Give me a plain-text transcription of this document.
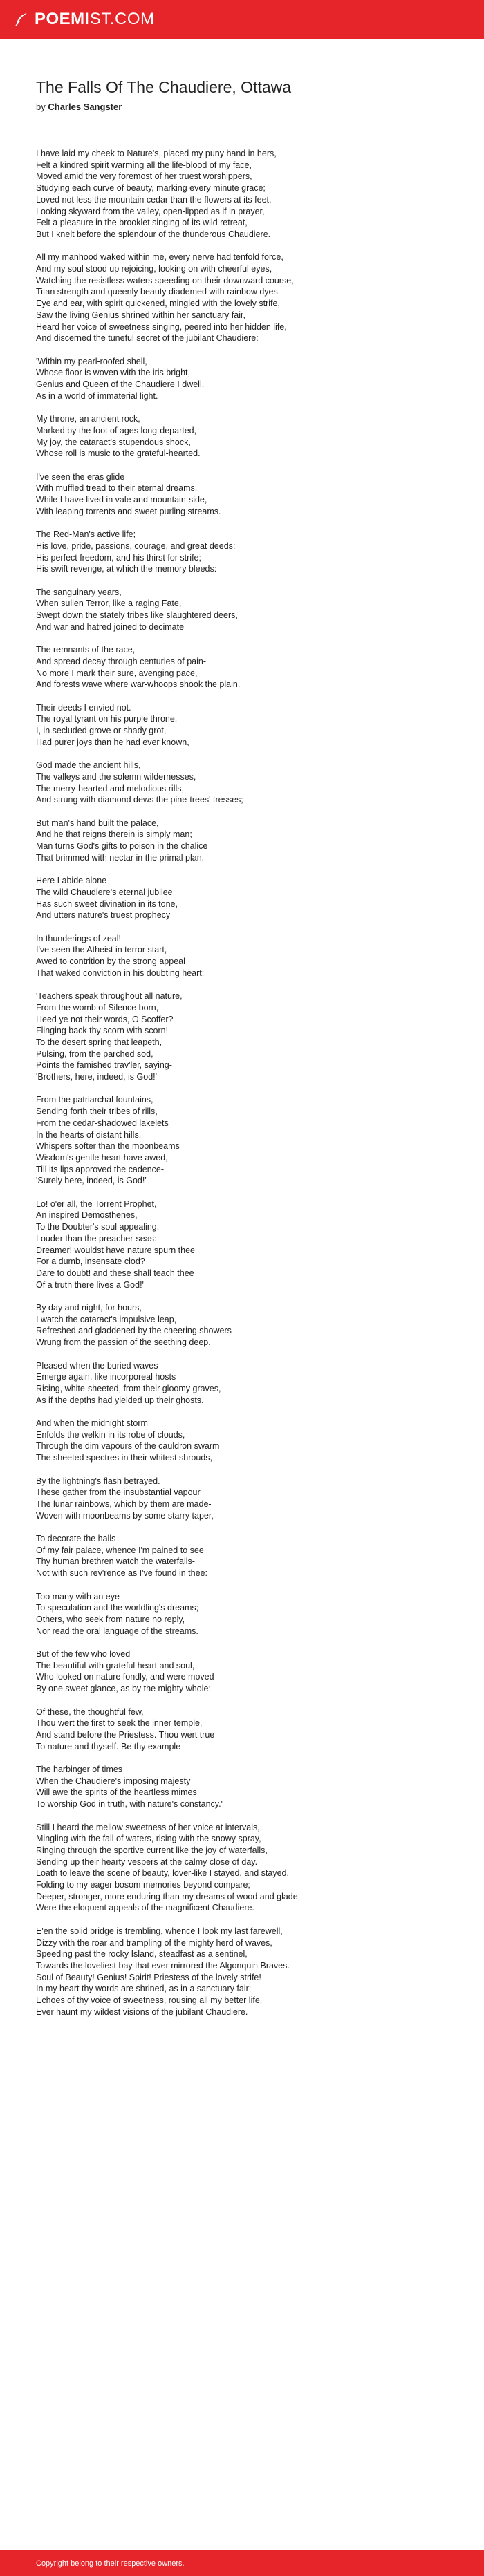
POEMIST.COM
The Falls Of The Chaudiere, Ottawa

by Charles Sangster

I have laid my cheek to Nature's, placed my puny hand in hers,
Felt a kindred spirit warming all the life-blood of my face,
Moved amid the very foremost of her truest worshippers,
Studying each curve of beauty, marking every minute grace;
Loved not less the mountain cedar than the flowers at its feet,
Looking skyward from the valley, open-lipped as if in prayer,
Felt a pleasure in the brooklet singing of its wild retreat,
But I knelt before the splendour of the thunderous Chaudiere.

All my manhood waked within me, every nerve had tenfold force,
And my soul stood up rejoicing, looking on with cheerful eyes,
Watching the resistless waters speeding on their downward course,
Titan strength and queenly beauty diademed with rainbow dyes.
Eye and ear, with spirit quickened, mingled with the lovely strife,
Saw the living Genius shrined within her sanctuary fair,
Heard her voice of sweetness singing, peered into her hidden life,
And discerned the tuneful secret of the jubilant Chaudiere:

'Within my pearl-roofed shell,
Whose floor is woven with the iris bright,
Genius and Queen of the Chaudiere I dwell,
As in a world of immaterial light.

My throne, an ancient rock,
Marked by the foot of ages long-departed,
My joy, the cataract's stupendous shock,
Whose roll is music to the grateful-hearted.

I've seen the eras glide
With muffled tread to their eternal dreams,
While I have lived in vale and mountain-side,
With leaping torrents and sweet purling streams.

The Red-Man's active life;
His love, pride, passions, courage, and great deeds;
His perfect freedom, and his thirst for strife;
His swift revenge, at which the memory bleeds:

The sanguinary years,
When sullen Terror, like a raging Fate,
Swept down the stately tribes like slaughtered deers,
And war and hatred joined to decimate

The remnants of the race,
And spread decay through centuries of pain-
No more I mark their sure, avenging pace,
And forests wave where war-whoops shook the plain.

Their deeds I envied not.
The royal tyrant on his purple throne,
I, in secluded grove or shady grot,
Had purer joys than he had ever known,

God made the ancient hills,
The valleys and the solemn wildernesses,
The merry-hearted and melodious rills,
And strung with diamond dews the pine-trees' tresses;

But man's hand built the palace,
And he that reigns therein is simply man;
Man turns God's gifts to poison in the chalice
That brimmed with nectar in the primal plan.

Here I abide alone-
The wild Chaudiere's eternal jubilee
Has such sweet divination in its tone,
And utters nature's truest prophecy

In thunderings of zeal!
I've seen the Atheist in terror start,
Awed to contrition by the strong appeal
That waked conviction in his doubting heart:

'Teachers speak throughout all nature,
From the womb of Silence born,
Heed ye not their words, O Scoffer?
Flinging back thy scorn with scorn!
To the desert spring that leapeth,
Pulsing, from the parched sod,
Points the famished trav'ler, saying-
'Brothers, here, indeed, is God!'

From the patriarchal fountains,
Sending forth their tribes of rills,
From the cedar-shadowed lakelets
In the hearts of distant hills,
Whispers softer than the moonbeams
Wisdom's gentle heart have awed,
Till its lips approved the cadence-
'Surely here, indeed, is God!'

Lo! o'er all, the Torrent Prophet,
An inspired Demosthenes,
To the Doubter's soul appealing,
Louder than the preacher-seas:
Dreamer! wouldst have nature spurn thee
For a dumb, insensate clod?
Dare to doubt! and these shall teach thee
Of a truth there lives a God!'

By day and night, for hours,
I watch the cataract's impulsive leap,
Refreshed and gladdened by the cheering showers
Wrung from the passion of the seething deep.

Pleased when the buried waves
Emerge again, like incorporeal hosts
Rising, white-sheeted, from their gloomy graves,
As if the depths had yielded up their ghosts.

And when the midnight storm
Enfolds the welkin in its robe of clouds,
Through the dim vapours of the cauldron swarm
The sheeted spectres in their whitest shrouds,

By the lightning's flash betrayed.
These gather from the insubstantial vapour
The lunar rainbows, which by them are made-
Woven with moonbeams by some starry taper,

To decorate the halls
Of my fair palace, whence I'm pained to see
Thy human brethren watch the waterfalls-
Not with such rev'rence as I've found in thee:

Too many with an eye
To speculation and the worldling's dreams;
Others, who seek from nature no reply,
Nor read the oral language of the streams.

But of the few who loved
The beautiful with grateful heart and soul,
Who looked on nature fondly, and were moved
By one sweet glance, as by the mighty whole:

Of these, the thoughtful few,
Thou wert the first to seek the inner temple,
And stand before the Priestess. Thou wert true
To nature and thyself. Be thy example

The harbinger of times
When the Chaudiere's imposing majesty
Will awe the spirits of the heartless mimes
To worship God in truth, with nature's constancy.'

Still I heard the mellow sweetness of her voice at intervals,
Mingling with the fall of waters, rising with the snowy spray,
Ringing through the sportive current like the joy of waterfalls,
Sending up their hearty vespers at the calmy close of day.
Loath to leave the scene of beauty, lover-like I stayed, and stayed,
Folding to my eager bosom memories beyond compare;
Deeper, stronger, more enduring than my dreams of wood and glade,
Were the eloquent appeals of the magnificent Chaudiere.

E'en the solid bridge is trembling, whence I look my last farewell,
Dizzy with the roar and trampling of the mighty herd of waves,
Speeding past the rocky Island, steadfast as a sentinel,
Towards the loveliest bay that ever mirrored the Algonquin Braves.
Soul of Beauty! Genius! Spirit! Priestess of the lovely strife!
In my heart thy words are shrined, as in a sanctuary fair;
Echoes of thy voice of sweetness, rousing all my better life,
Ever haunt my wildest visions of the jubilant Chaudiere.

Copyright belong to their respective owners.
